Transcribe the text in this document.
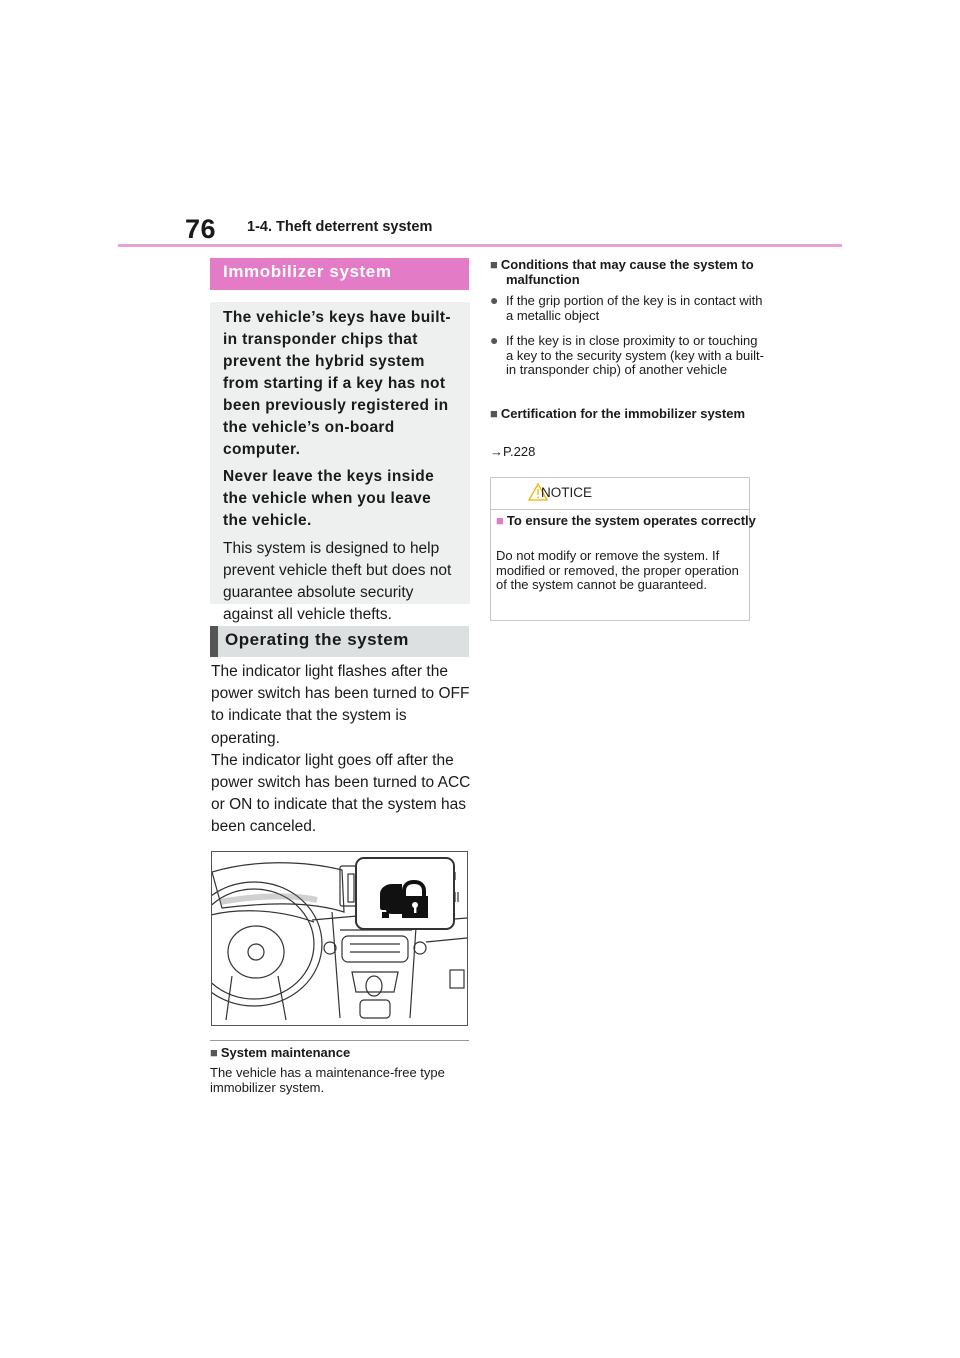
76 1-4. Theft deterrent system
Immobilizer system

The vehicle’s keys have built-in transponder chips that prevent the hybrid system from starting if a key has not been previously registered in the vehicle’s on-board computer.

Never leave the keys inside the vehicle when you leave the vehicle.

This system is designed to help prevent vehicle theft but does not guarantee absolute security against all vehicle thefts.

Operating the system
The indicator light flashes after the power switch has been turned to OFF to indicate that the system is operating.
The indicator light goes off after the power switch has been turned to ACC or ON to indicate that the system has been canceled.
■ System maintenance
The vehicle has a maintenance-free type immobilizer system.
■ Conditions that may cause the system to malfunction
● If the grip portion of the key is in contact with a metallic object
● If the key is in close proximity to or touching a key to the security system (key with a built-in transponder chip) of another vehicle
■ Certification for the immobilizer system
→P.228
NOTICE
■ To ensure the system operates correctly
Do not modify or remove the system. If modified or removed, the proper operation of the system cannot be guaranteed.
